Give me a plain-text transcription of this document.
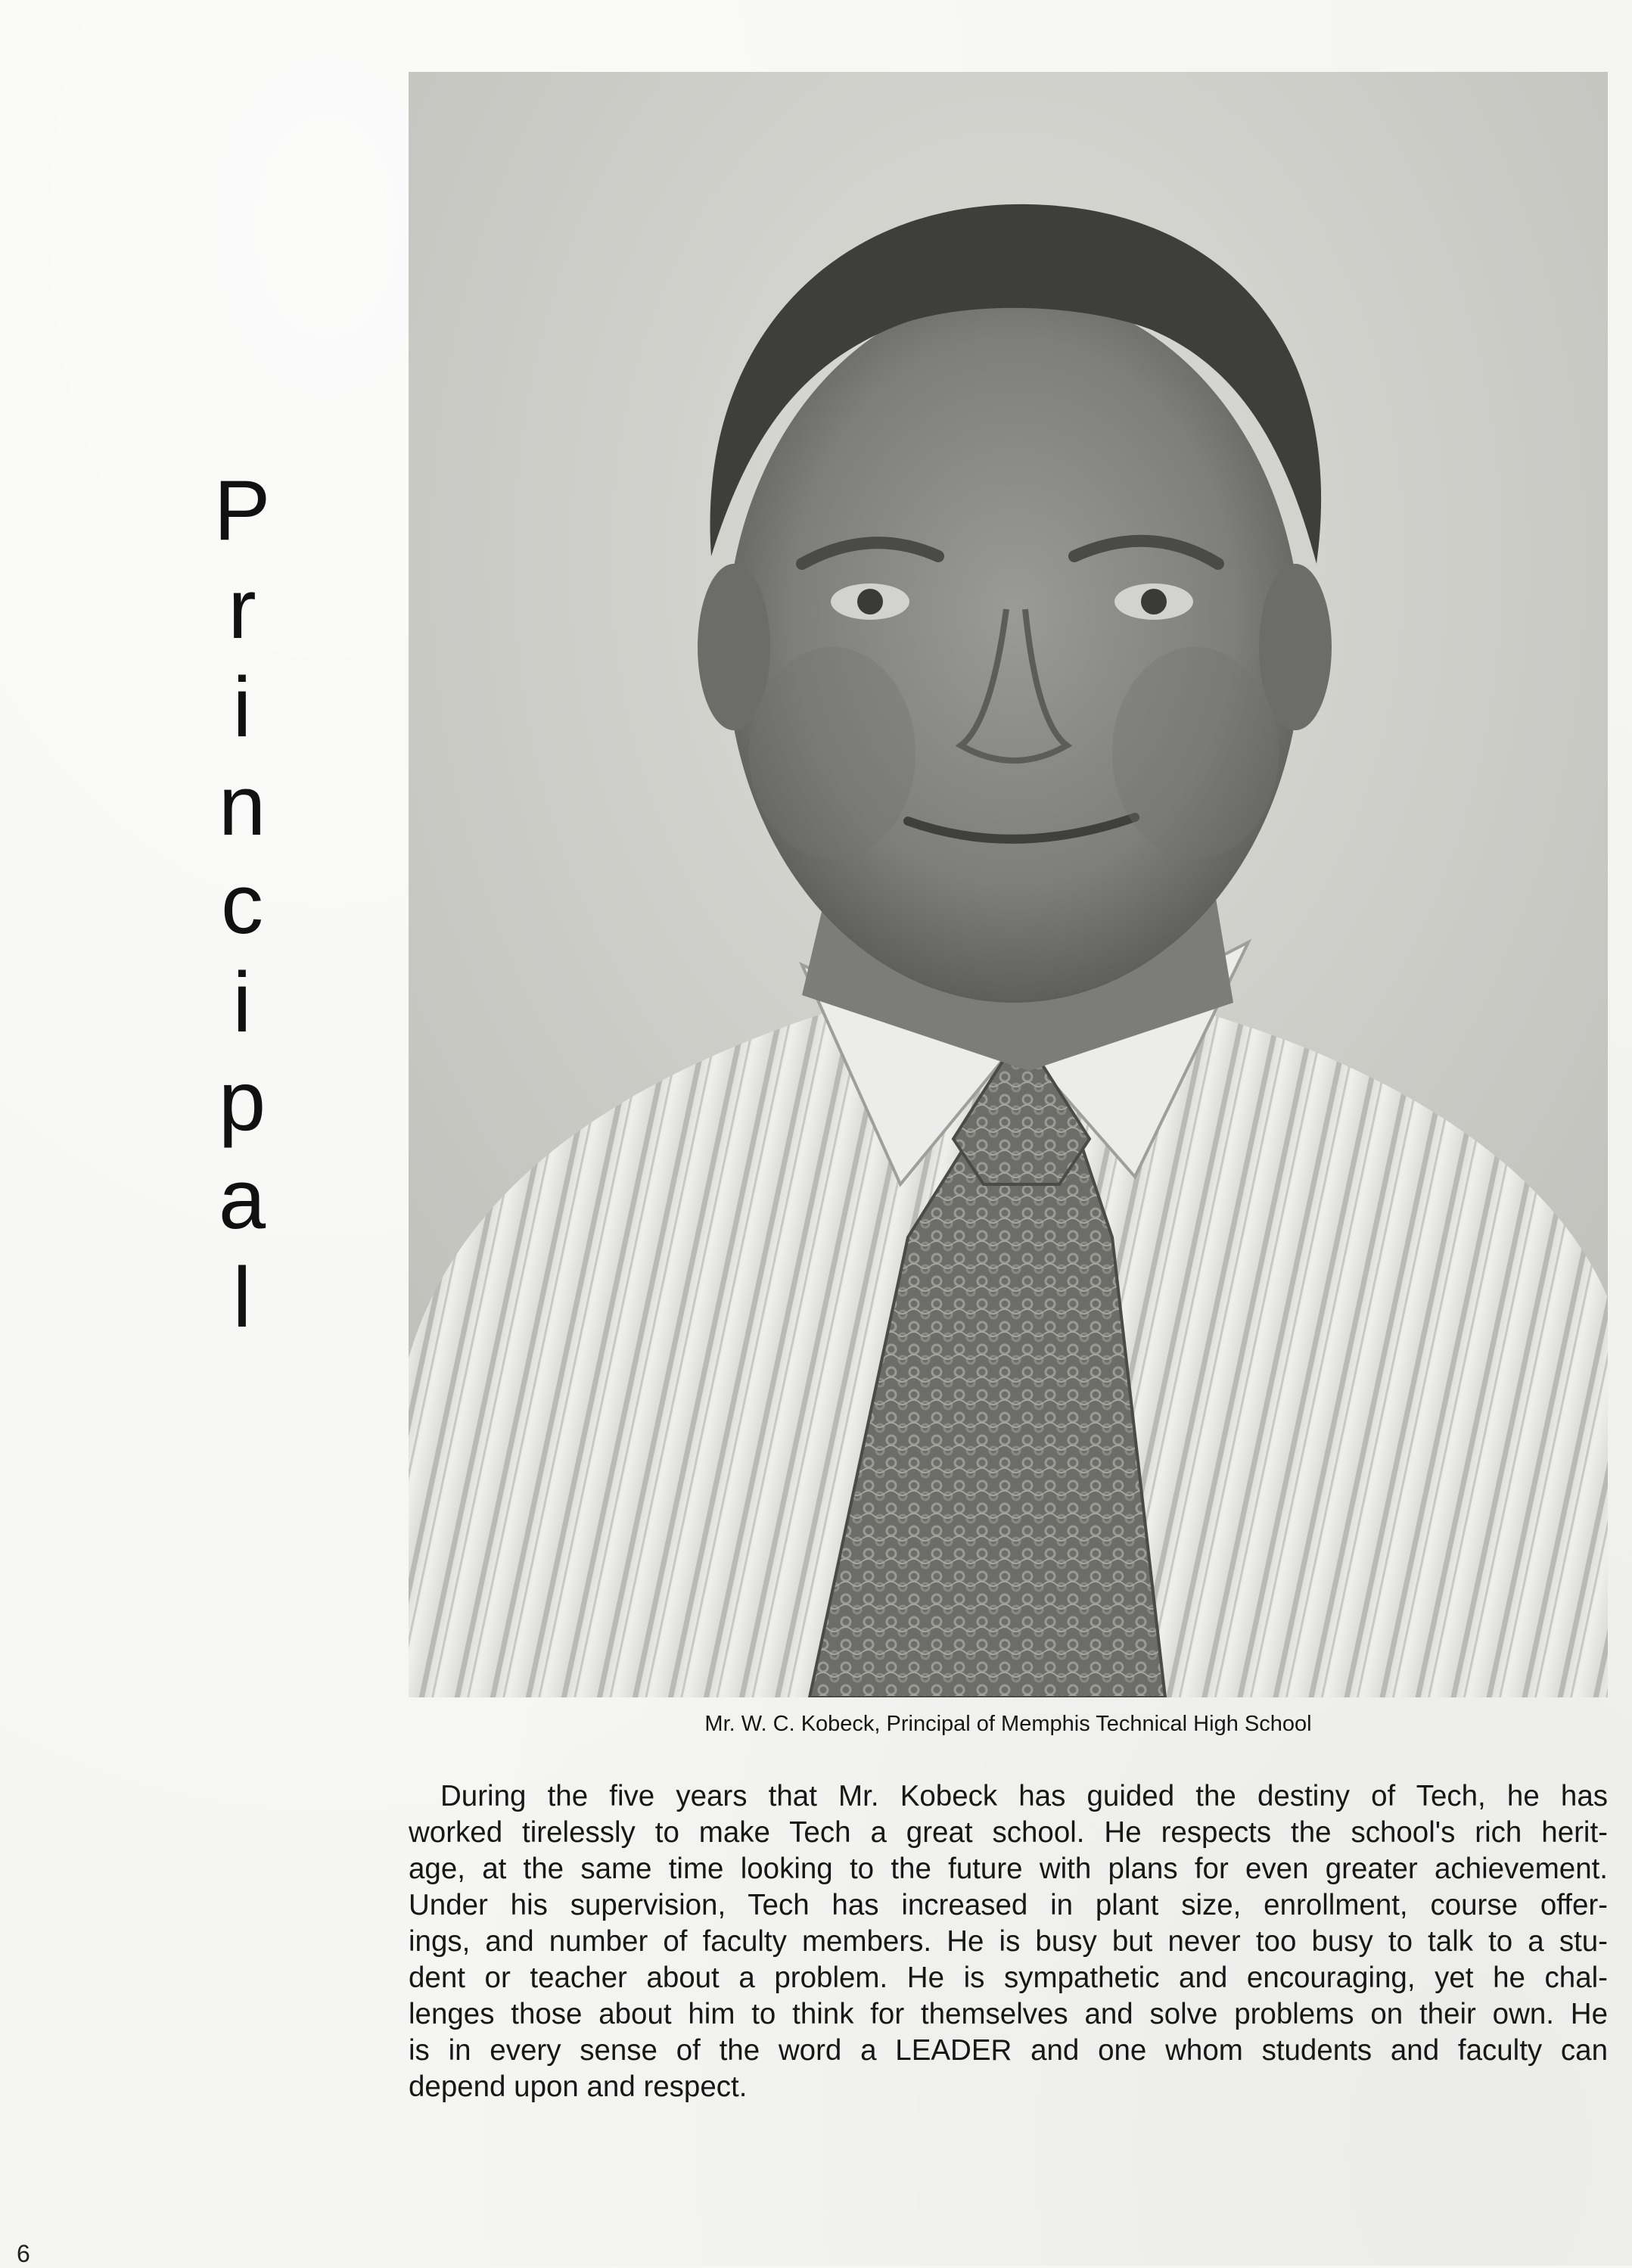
P
r
i
n
c
i
p
a
l
Mr. W. C. Kobeck, Principal of Memphis Technical High School
During the five years that Mr. Kobeck has guided the destiny of Tech, he has
worked tirelessly to make Tech a great school. He respects the school's rich herit-
age, at the same time looking to the future with plans for even greater achievement.
Under his supervision, Tech has increased in plant size, enrollment, course offer-
ings, and number of faculty members. He is busy but never too busy to talk to a stu-
dent or teacher about a problem. He is sympathetic and encouraging, yet he chal-
lenges those about him to think for themselves and solve problems on their own. He
is in every sense of the word a LEADER and one whom students and faculty can
depend upon and respect.
6
